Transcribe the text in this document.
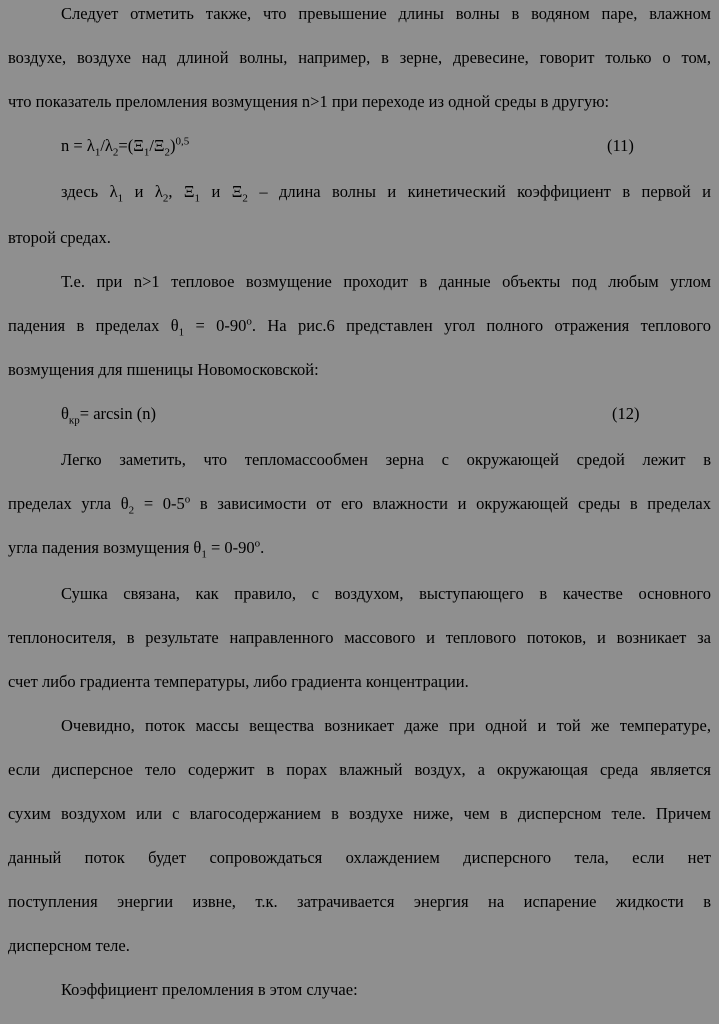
Следует отметить также, что превышение длины волны в водяном паре, влажном
воздухе, воздухе над длиной волны, например, в зерне, древесине, говорит только о том,
что показатель преломления возмущения n>1 при переходе из одной среды в другую:
$n = \lambda_1/\lambda_2=(\Xi_1/\Xi_2)^{0,5}$	(11)
здесь $\lambda_1$ и $\lambda_2$, $\Xi_1$ и $\Xi_2$ – длина волны и кинетический коэффициент в первой и
второй средах.
Т.е. при n>1 тепловое возмущение проходит в данные объекты под любым углом
падения в пределах $\theta_1 = 0-90^o$. На рис.6 представлен угол полного отражения теплового
возмущения для пшеницы Новомосковской:
$\theta_{кр}= \arcsin (n)$	(12)
Легко заметить, что тепломассообмен зерна с окружающей средой лежит в
пределах угла $\theta_2 = 0-5^o$ в зависимости от его влажности и окружающей среды в пределах
угла падения возмущения $\theta_1 = 0-90^o$.
Сушка связана, как правило, с воздухом, выступающего в качестве основного
теплоносителя, в результате направленного массового и теплового потоков, и возникает за
счет либо градиента температуры, либо градиента концентрации.
Очевидно, поток массы вещества возникает даже при одной и той же температуре,
если дисперсное тело содержит в порах влажный воздух, а окружающая среда является
сухим воздухом или с влагосодержанием в воздухе ниже, чем в дисперсном теле. Причем
данный поток будет сопровождаться охлаждением дисперсного тела, если нет
поступления энергии извне, т.к. затрачивается энергия на испарение жидкости в
дисперсном теле.
Коэффициент преломления в этом случае:
